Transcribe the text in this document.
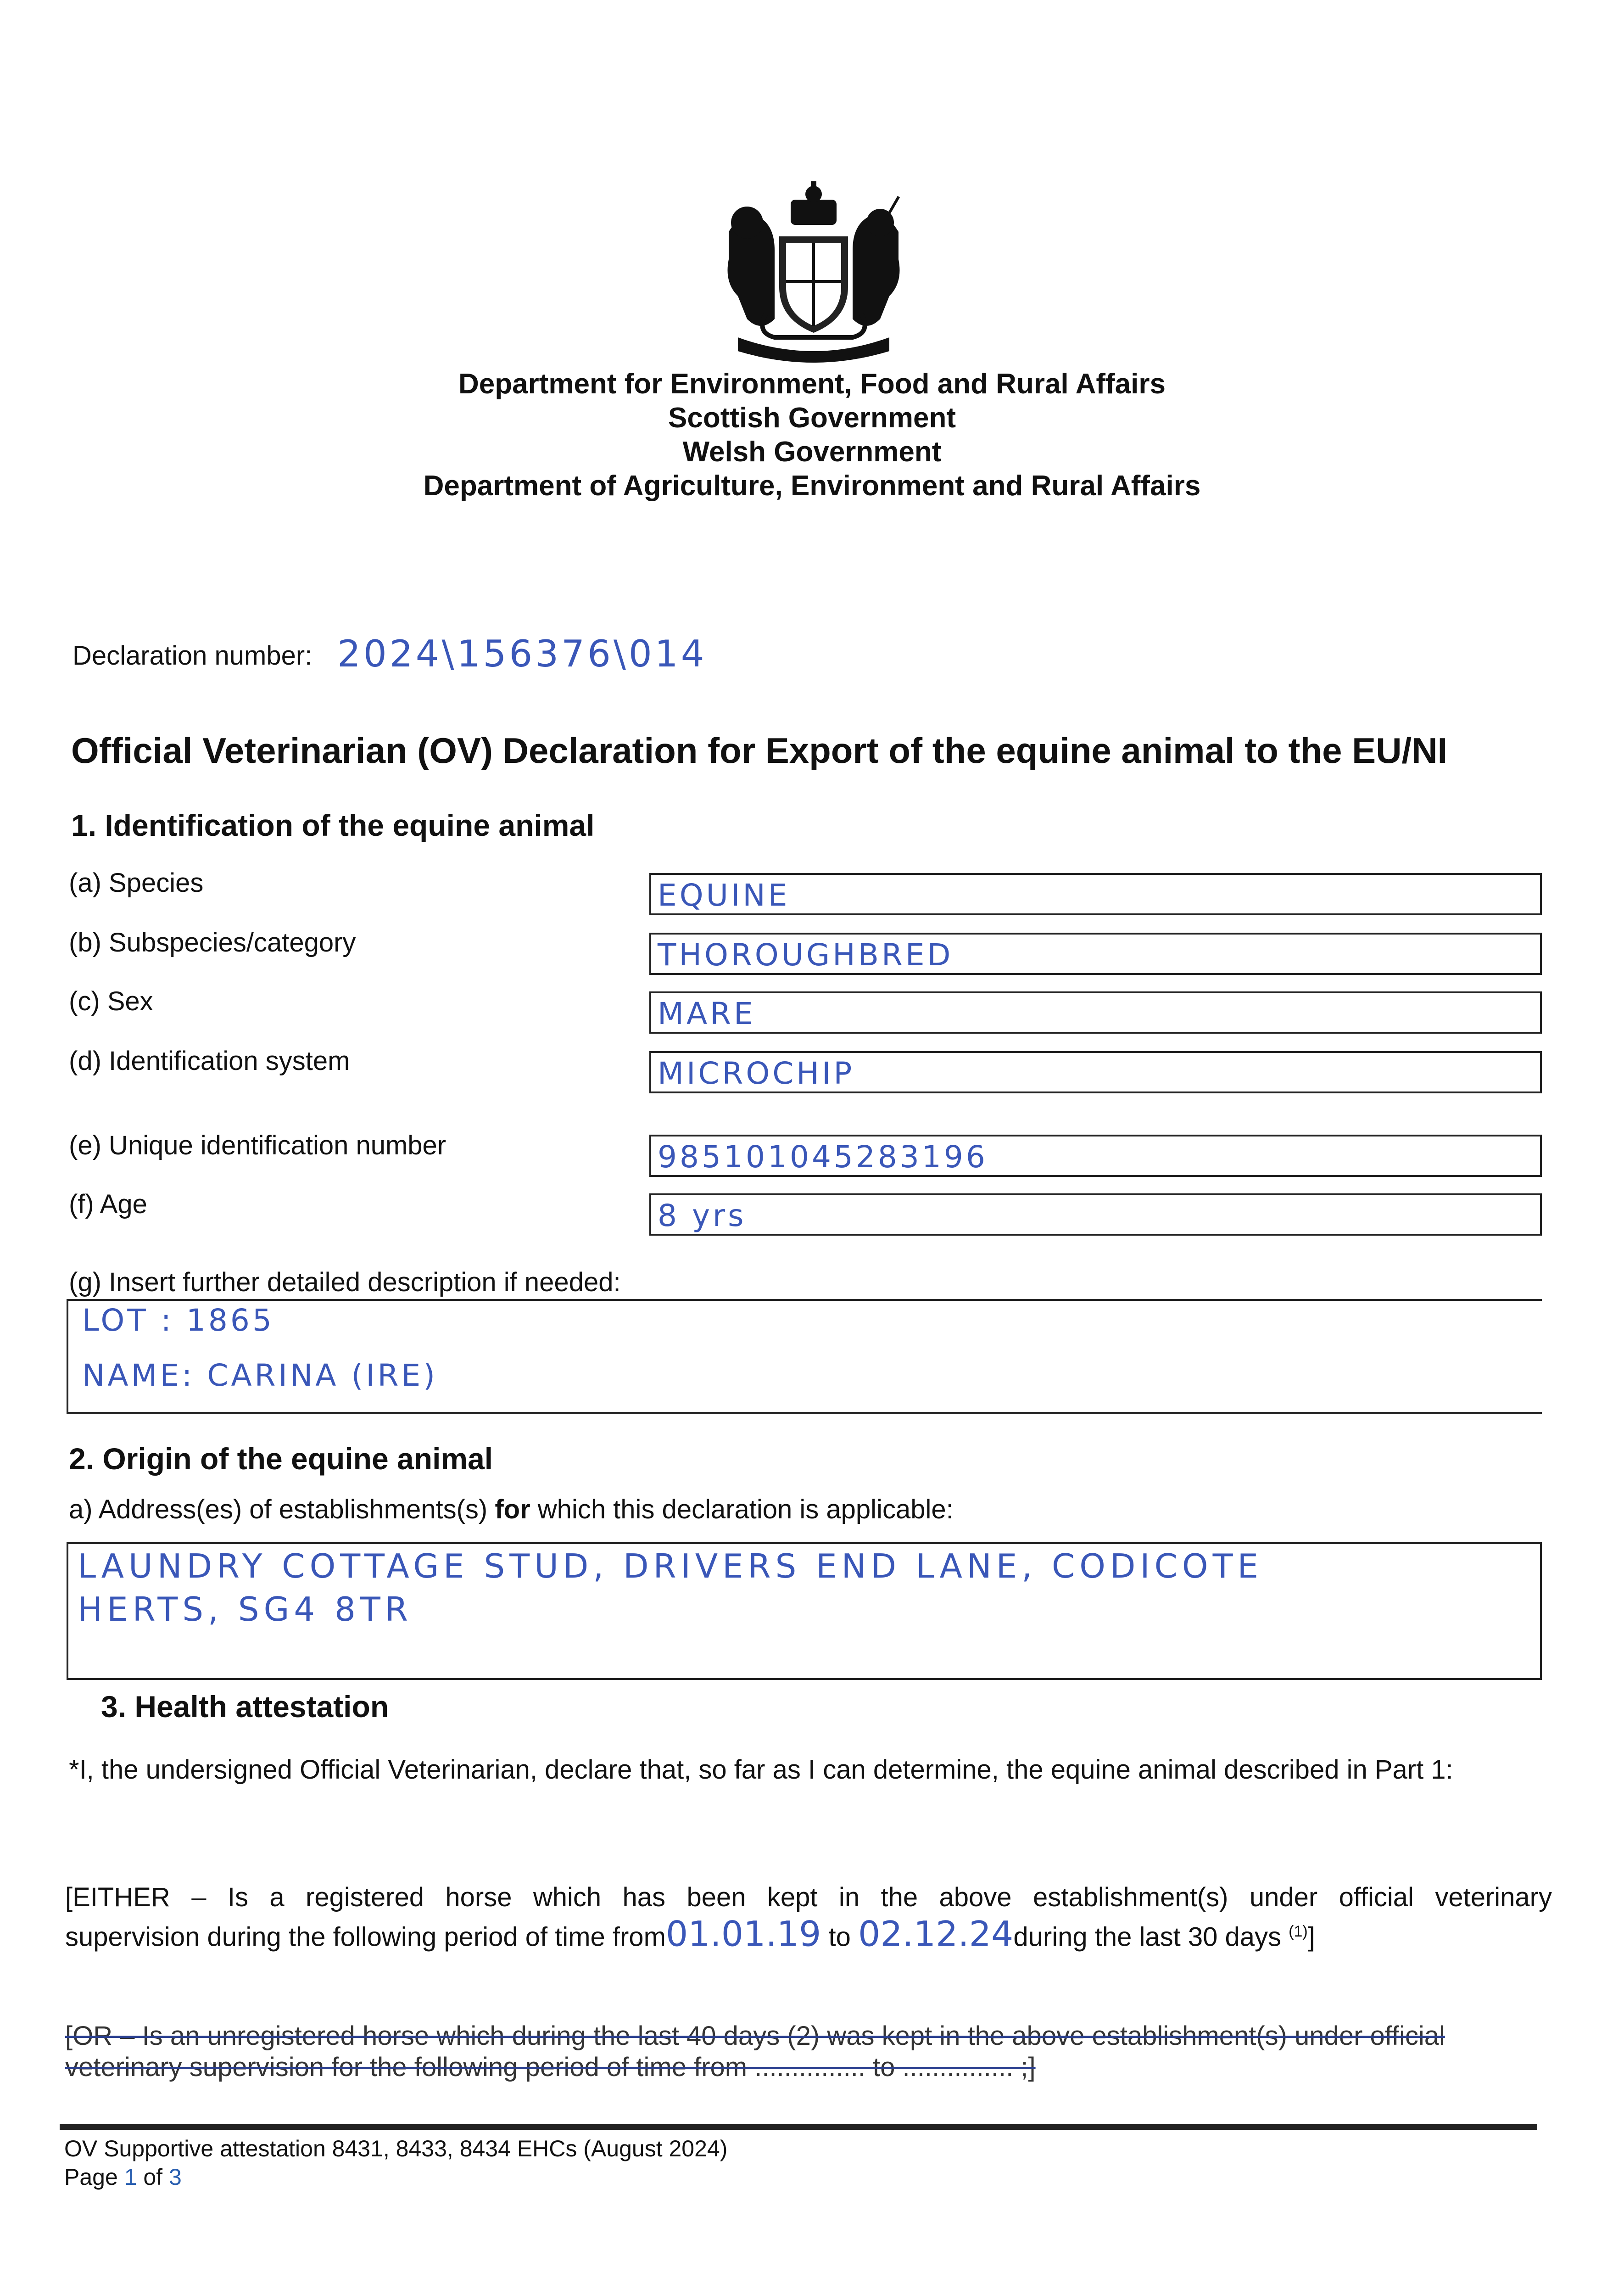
Department for Environment, Food and Rural Affairs
Scottish Government
Welsh Government
Department of Agriculture, Environment and Rural Affairs
Declaration number: 2024\156376\014
Official Veterinarian (OV) Declaration for Export of the equine animal to the EU/NI
1. Identification of the equine animal
(a) Species	EQUINE
(b) Subspecies/category	THOROUGHBRED
(c) Sex	MARE
(d) Identification system	MICROCHIP
(e) Unique identification number	985101045283196
(f) Age	8 yrs
(g) Insert further detailed description if needed:
LOT : 1865
NAME: CARINA (IRE)
2. Origin of the equine animal
a) Address(es) of establishments(s) for which this declaration is applicable:
LAUNDRY COTTAGE STUD, DRIVERS END LANE, CODICOTE
HERTS, SG4 8TR
3. Health attestation
*I, the undersigned Official Veterinarian, declare that, so far as I can determine, the equine animal described in Part 1:
[EITHER – Is a registered horse which has been kept in the above establishment(s) under official veterinary
supervision during the following period of time from01.01.19 to 02.12.24during the last 30 days $^{(1)}$]
[OR – Is an unregistered horse which during the last 40 days (2) was kept in the above establishment(s) under official
veterinary supervision for the following period of time from ............... to ............... ;]
OV Supportive attestation 8431, 8433, 8434 EHCs (August 2024)
Page 1 of 3
